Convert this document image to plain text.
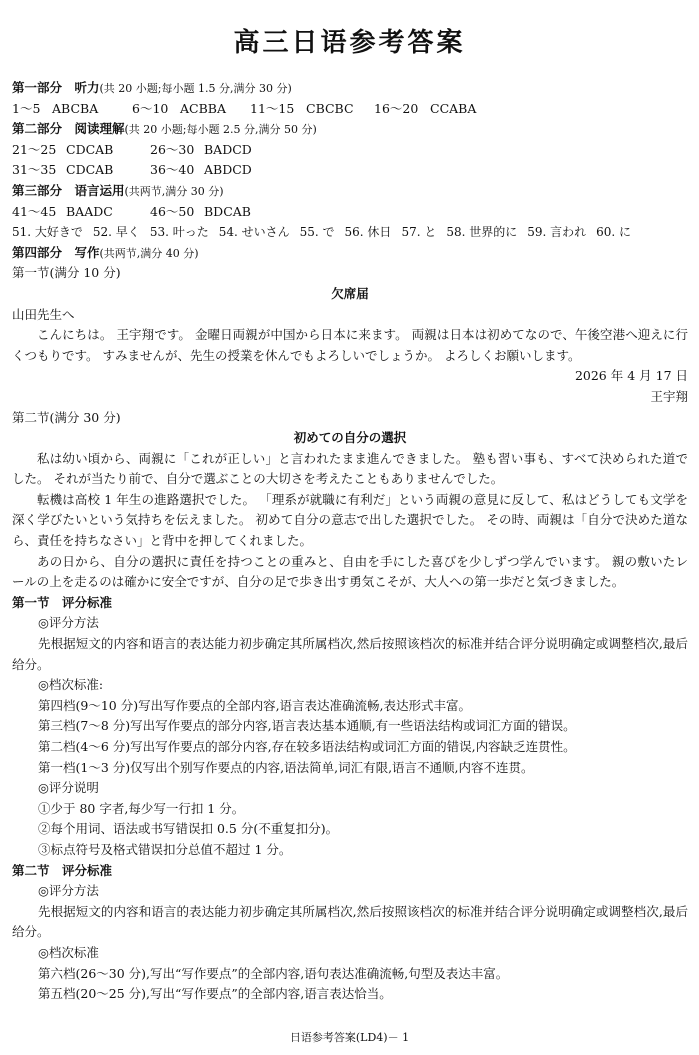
高三日语参考答案
第一部分　听力(共 20 小题;每小题 1.5 分,满分 30 分)
1～5 ABCBA	6～10 ACBBA 11～15 CBCBC 16～20 CCABA
第二部分　阅读理解(共 20 小题;每小题 2.5 分,满分 50 分)
21～25 CDCAB	26～30 BADCD
31～35 CDCAB	36～40 ABDCD
第三部分　语言运用(共两节,满分 30 分)
41～45 BAADC	46～50 BDCAB
51. 大好きで 52. 早く 53. 叶った 54. せいさん 55. で 56. 休日 57. と 58. 世界的に 59. 言われ 60. に
第四部分　写作(共两节,满分 40 分)
第一节(满分 10 分)
欠席届
山田先生へ
こんにちは。 王宇翔です。 金曜日両親が中国から日本に来ます。 両親は日本は初めてなので、午後空港へ迎えに行くつもりです。 すみませんが、先生の授業を休んでもよろしいでしょうか。 よろしくお願いします。
2026 年 4 月 17 日
王宇翔
第二节(满分 30 分)
初めての自分の選択
私は幼い頃から、両親に「これが正しい」と言われたまま進んできました。 塾も習い事も、すべて決められた道でした。 それが当たり前で、自分で選ぶことの大切さを考えたこともありませんでした。
転機は高校 1 年生の進路選択でした。 「理系が就職に有利だ」という両親の意見に反して、私はどうしても文学を深く学びたいという気持ちを伝えました。 初めて自分の意志で出した選択でした。 その時、両親は「自分で決めた道なら、責任を持ちなさい」と背中を押してくれました。
あの日から、自分の選択に責任を持つことの重みと、自由を手にした喜びを少しずつ学んでいます。 親の敷いたレールの上を走るのは確かに安全ですが、自分の足で歩き出す勇気こそが、大人への第一歩だと気づきました。
第一节　评分标准
◎评分方法
先根据短文的内容和语言的表达能力初步确定其所属档次,然后按照该档次的标准并结合评分说明确定或调整档次,最后给分。
◎档次标准:
第四档(9～10 分)写出写作要点的全部内容,语言表达准确流畅,表达形式丰富。
第三档(7～8 分)写出写作要点的部分内容,语言表达基本通顺,有一些语法结构或词汇方面的错误。
第二档(4～6 分)写出写作要点的部分内容,存在较多语法结构或词汇方面的错误,内容缺乏连贯性。
第一档(1～3 分)仅写出个别写作要点的内容,语法简单,词汇有限,语言不通顺,内容不连贯。
◎评分说明
①少于 80 字者,每少写一行扣 1 分。
②每个用词、语法或书写错误扣 0.5 分(不重复扣分)。
③标点符号及格式错误扣分总值不超过 1 分。
第二节　评分标准
◎评分方法
先根据短文的内容和语言的表达能力初步确定其所属档次,然后按照该档次的标准并结合评分说明确定或调整档次,最后给分。
◎档次标准
第六档(26～30 分),写出“写作要点”的全部内容,语句表达准确流畅,句型及表达丰富。
第五档(20～25 分),写出“写作要点”的全部内容,语言表达恰当。
日语参考答案(LD4)－ 1
